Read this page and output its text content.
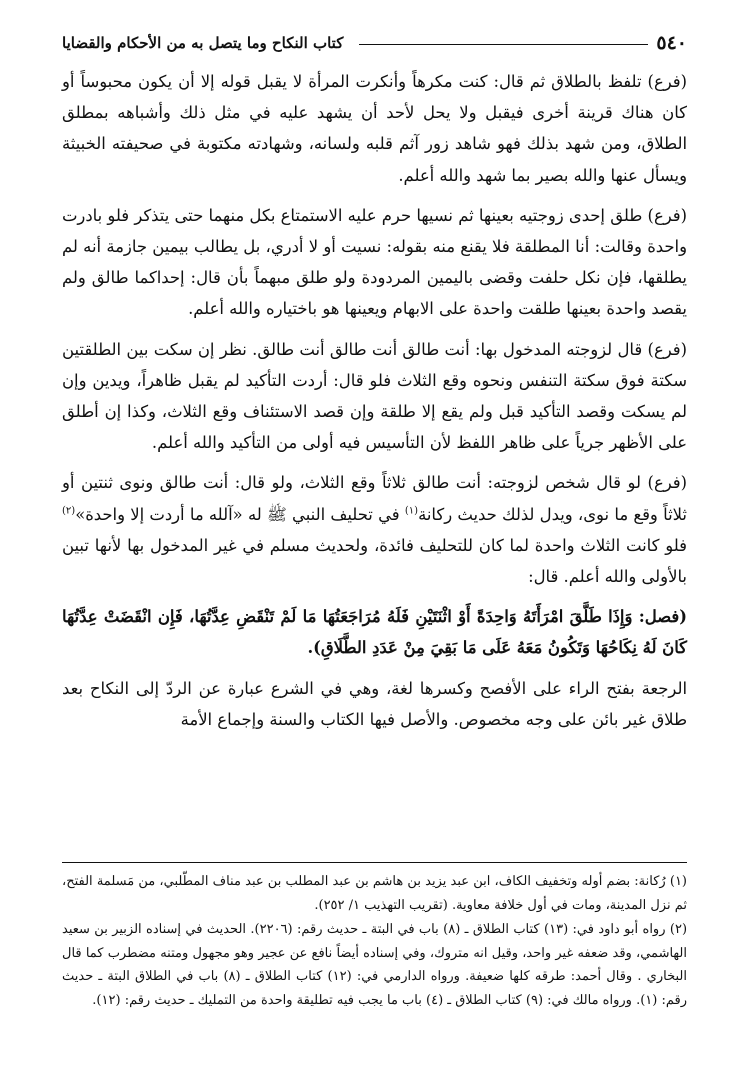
٥٤٠
كتاب النكاح وما يتصل به من الأحكام والقضايا

(فرع) تلفظ بالطلاق ثم قال: كنت مكرهاً وأنكرت المرأة لا يقبل قوله إلا أن يكون محبوساً أو كان هناك قرينة أخرى فيقبل ولا يحل لأحد أن يشهد عليه في مثل ذلك وأشباهه بمطلق الطلاق، ومن شهد بذلك فهو شاهد زور آثم قلبه ولسانه، وشهادته مكتوبة في صحيفته الخبيثة ويسأل عنها والله بصير بما شهد والله أعلم.

(فرع) طلق إحدى زوجتيه بعينها ثم نسيها حرم عليه الاستمتاع بكل منهما حتى يتذكر فلو بادرت واحدة وقالت: أنا المطلقة فلا يقنع منه بقوله: نسيت أو لا أدري، بل يطالب بيمين جازمة أنه لم يطلقها، فإن نكل حلفت وقضى باليمين المردودة ولو طلق مبهماً بأن قال: إحداكما طالق ولم يقصد واحدة بعينها طلقت واحدة على الابهام ويعينها هو باختياره والله أعلم.

(فرع) قال لزوجته المدخول بها: أنت طالق أنت طالق أنت طالق. نظر إن سكت بين الطلقتين سكتة فوق سكتة التنفس ونحوه وقع الثلاث فلو قال: أردت التأكيد لم يقبل ظاهراً، ويدين وإن لم يسكت وقصد التأكيد قبل ولم يقع إلا طلقة وإن قصد الاستئناف وقع الثلاث، وكذا إن أطلق على الأظهر جرياً على ظاهر اللفظ لأن التأسيس فيه أولى من التأكيد والله أعلم.

(فرع) لو قال شخص لزوجته: أنت طالق ثلاثاً وقع الثلاث، ولو قال: أنت طالق ونوى ثنتين أو ثلاثاً وقع ما نوى، ويدل لذلك حديث ركانة$^{(١)}$ في تحليف النبي ﷺ له «آلله ما أردت إلا واحدة»$^{(٢)}$ فلو كانت الثلاث واحدة لما كان للتحليف فائدة، ولحديث مسلم في غير المدخول بها لأنها تبين بالأولى والله أعلم. قال:

(فصل: وَإِذَا طَلَّقَ امْرَأَتَهُ وَاحِدَةً أَوْ اثْنَتَيْنِ فَلَهُ مُرَاجَعَتُهَا مَا لَمْ تَنْقَضِ عِدَّتُهَا، فَإِن انْقَضَتْ عِدَّتُهَا كَانَ لَهُ نِكَاحُهَا وَتَكُونُ مَعَهُ عَلَى مَا بَقِيَ مِنْ عَدَدِ الطَّلَاقِ).

الرجعة بفتح الراء على الأفصح وكسرها لغة، وهي في الشرع عبارة عن الردّ إلى النكاح بعد طلاق غير بائن على وجه مخصوص. والأصل فيها الكتاب والسنة وإجماع الأمة

(١) رُكانة: بضم أوله وتخفيف الكاف، ابن عبد يزيد بن هاشم بن عبد المطلب بن عبد مناف المطّلبي، من مَسلمة الفتح، ثم نزل المدينة، ومات في أول خلافة معاوية. (تقريب التهذيب ١/ ٢٥٢).

(٢) رواه أبو داود في: (١٣) كتاب الطلاق ـ (٨) باب في البتة ـ حديث رقم: (٢٢٠٦). الحديث في إسناده الزبير بن سعيد الهاشمي، وقد ضعفه غير واحد، وقيل انه متروك، وفي إسناده أيضاً نافع عن عجير وهو مجهول ومتنه مضطرب كما قال البخاري . وقال أحمد: طرقه كلها ضعيفة. ورواه الدارمي في: (١٢) كتاب الطلاق ـ (٨) باب في الطلاق البتة ـ حديث رقم: (١). ورواه مالك في: (٩) كتاب الطلاق ـ (٤) باب ما يجب فيه تطليقة واحدة من التمليك ـ حديث رقم: (١٢).
